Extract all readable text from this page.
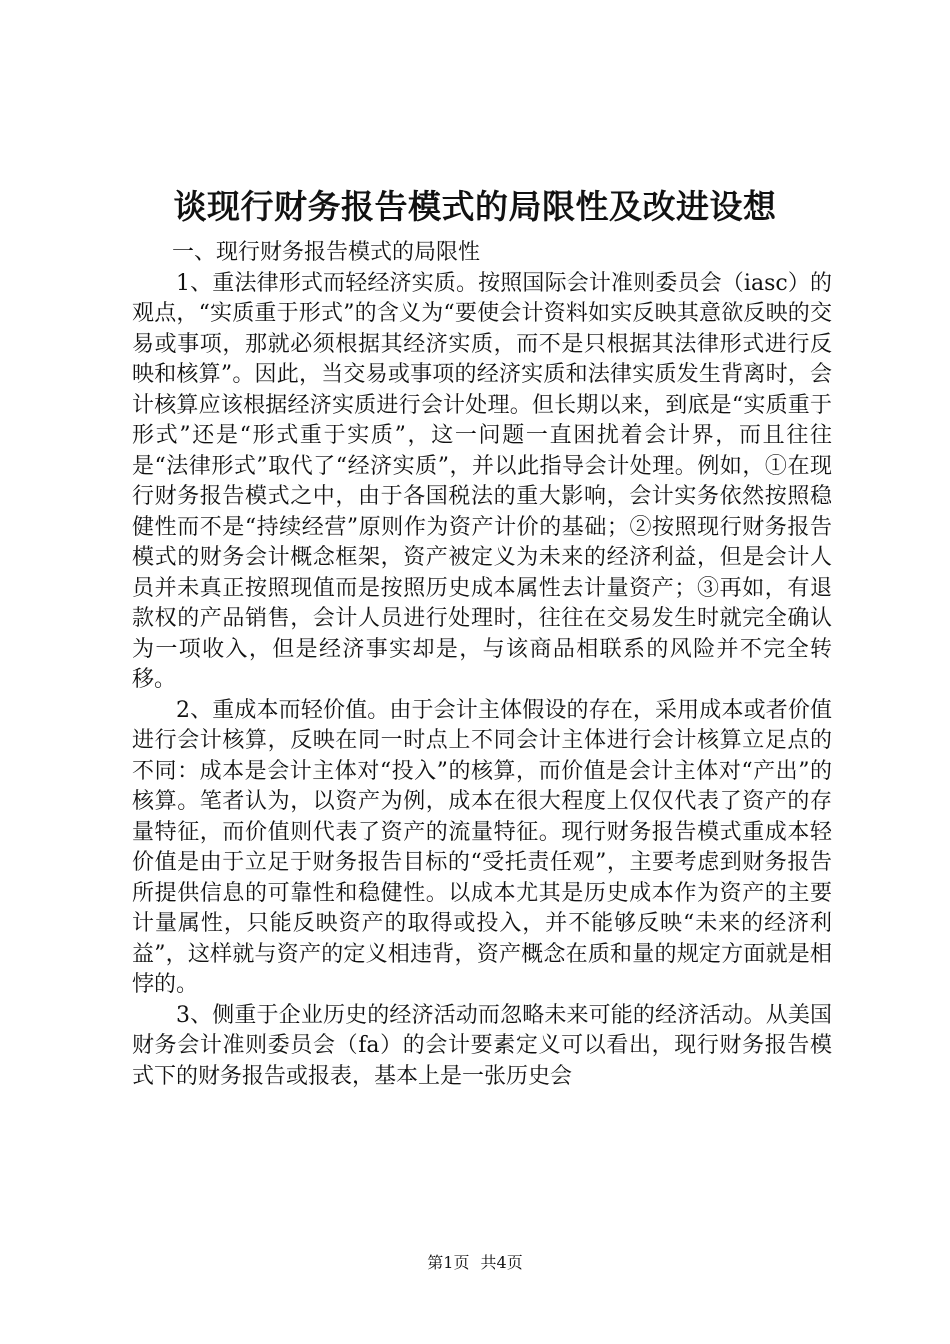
谈现行财务报告模式的局限性及改进设想

一、现行财务报告模式的局限性

1、重法律形式而轻经济实质。按照国际会计准则委员会（iasc）的观点，“实质重于形式”的含义为“要使会计资料如实反映其意欲反映的交易或事项，那就必须根据其经济实质，而不是只根据其法律形式进行反映和核算”。因此，当交易或事项的经济实质和法律实质发生背离时，会计核算应该根据经济实质进行会计处理。但长期以来，到底是“实质重于形式”还是“形式重于实质”，这一问题一直困扰着会计界，而且往往是“法律形式”取代了“经济实质”，并以此指导会计处理。例如，①在现行财务报告模式之中，由于各国税法的重大影响，会计实务依然按照稳健性而不是“持续经营”原则作为资产计价的基础；②按照现行财务报告模式的财务会计概念框架，资产被定义为未来的经济利益，但是会计人员并未真正按照现值而是按照历史成本属性去计量资产；③再如，有退款权的产品销售，会计人员进行处理时，往往在交易发生时就完全确认为一项收入，但是经济事实却是，与该商品相联系的风险并不完全转移。

2、重成本而轻价值。由于会计主体假设的存在，采用成本或者价值进行会计核算，反映在同一时点上不同会计主体进行会计核算立足点的不同：成本是会计主体对“投入”的核算，而价值是会计主体对“产出”的核算。笔者认为，以资产为例，成本在很大程度上仅仅代表了资产的存量特征，而价值则代表了资产的流量特征。现行财务报告模式重成本轻价值是由于立足于财务报告目标的“受托责任观”，主要考虑到财务报告所提供信息的可靠性和稳健性。以成本尤其是历史成本作为资产的主要计量属性，只能反映资产的取得或投入，并不能够反映“未来的经济利益”，这样就与资产的定义相违背，资产概念在质和量的规定方面就是相悖的。

3、侧重于企业历史的经济活动而忽略未来可能的经济活动。从美国财务会计准则委员会（fa）的会计要素定义可以看出，现行财务报告模式下的财务报告或报表，基本上是一张历史会

第1页 共4页
